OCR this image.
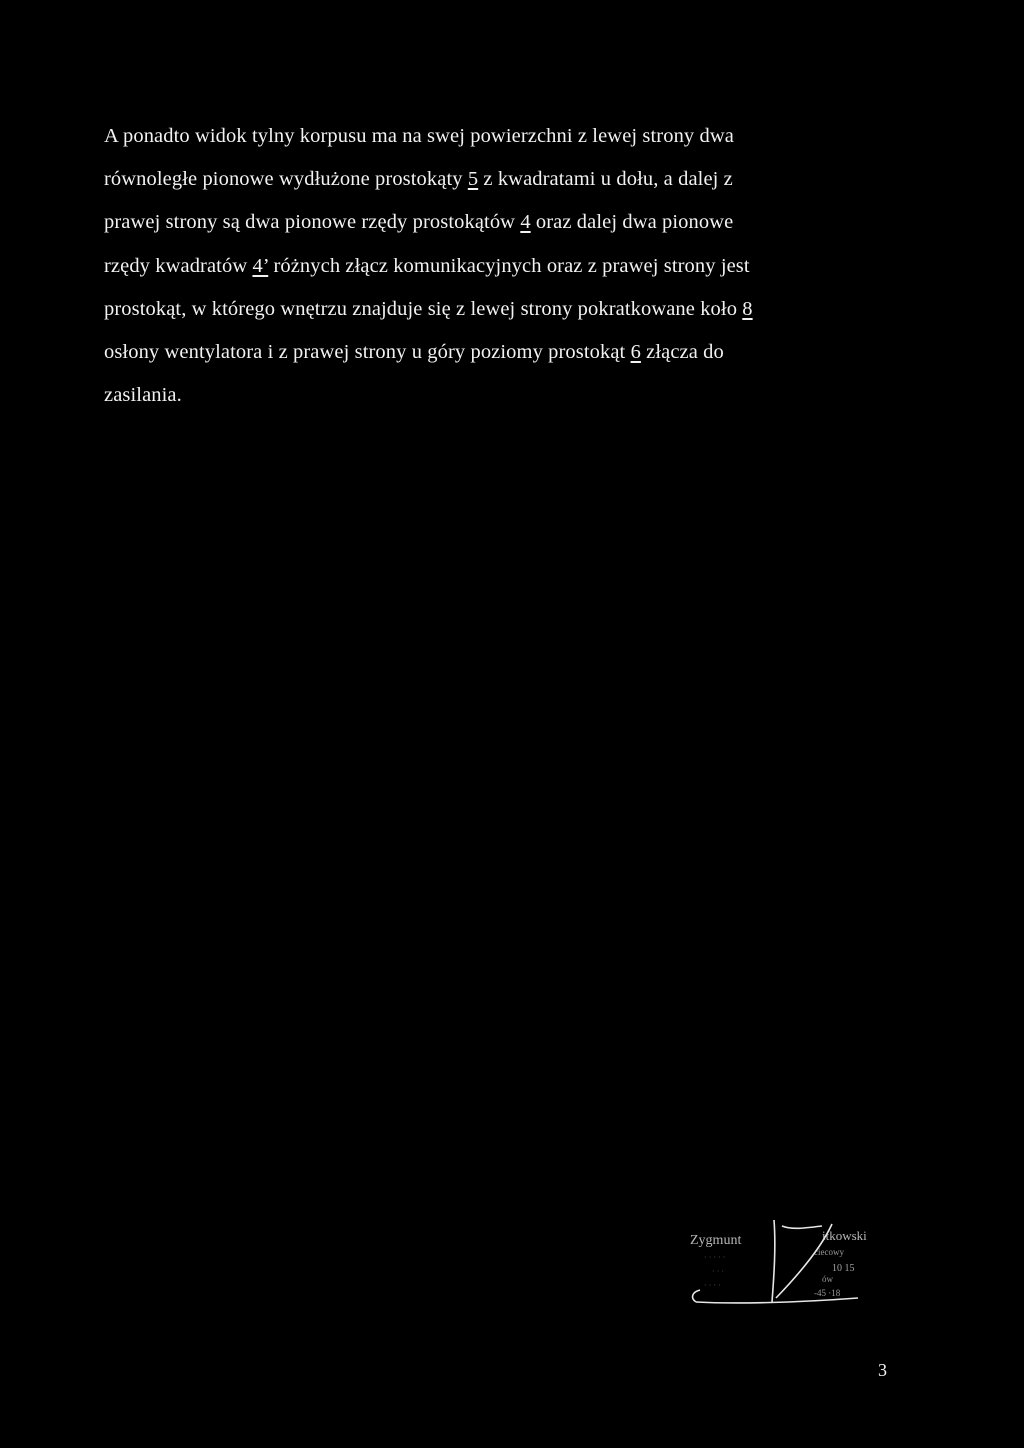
A ponadto widok tylny korpusu ma na swej powierzchni z lewej strony dwa
równoległe pionowe wydłużone prostokąty 5 z kwadratami u dołu, a dalej z
prawej strony są dwa pionowe rzędy prostokątów 4 oraz dalej dwa pionowe
rzędy kwadratów 4’ różnych złącz komunikacyjnych oraz z prawej strony jest
prostokąt, w którego wnętrzu znajduje się z lewej strony pokratkowane koło 8
osłony wentylatora i z prawej strony u góry poziomy prostokąt 6 złącza do
zasilania.
Zygmunt	itkowski
ciecowy
10 15
ów
-45 ·18
· · · · ·
· · ·
· · · ·
3
